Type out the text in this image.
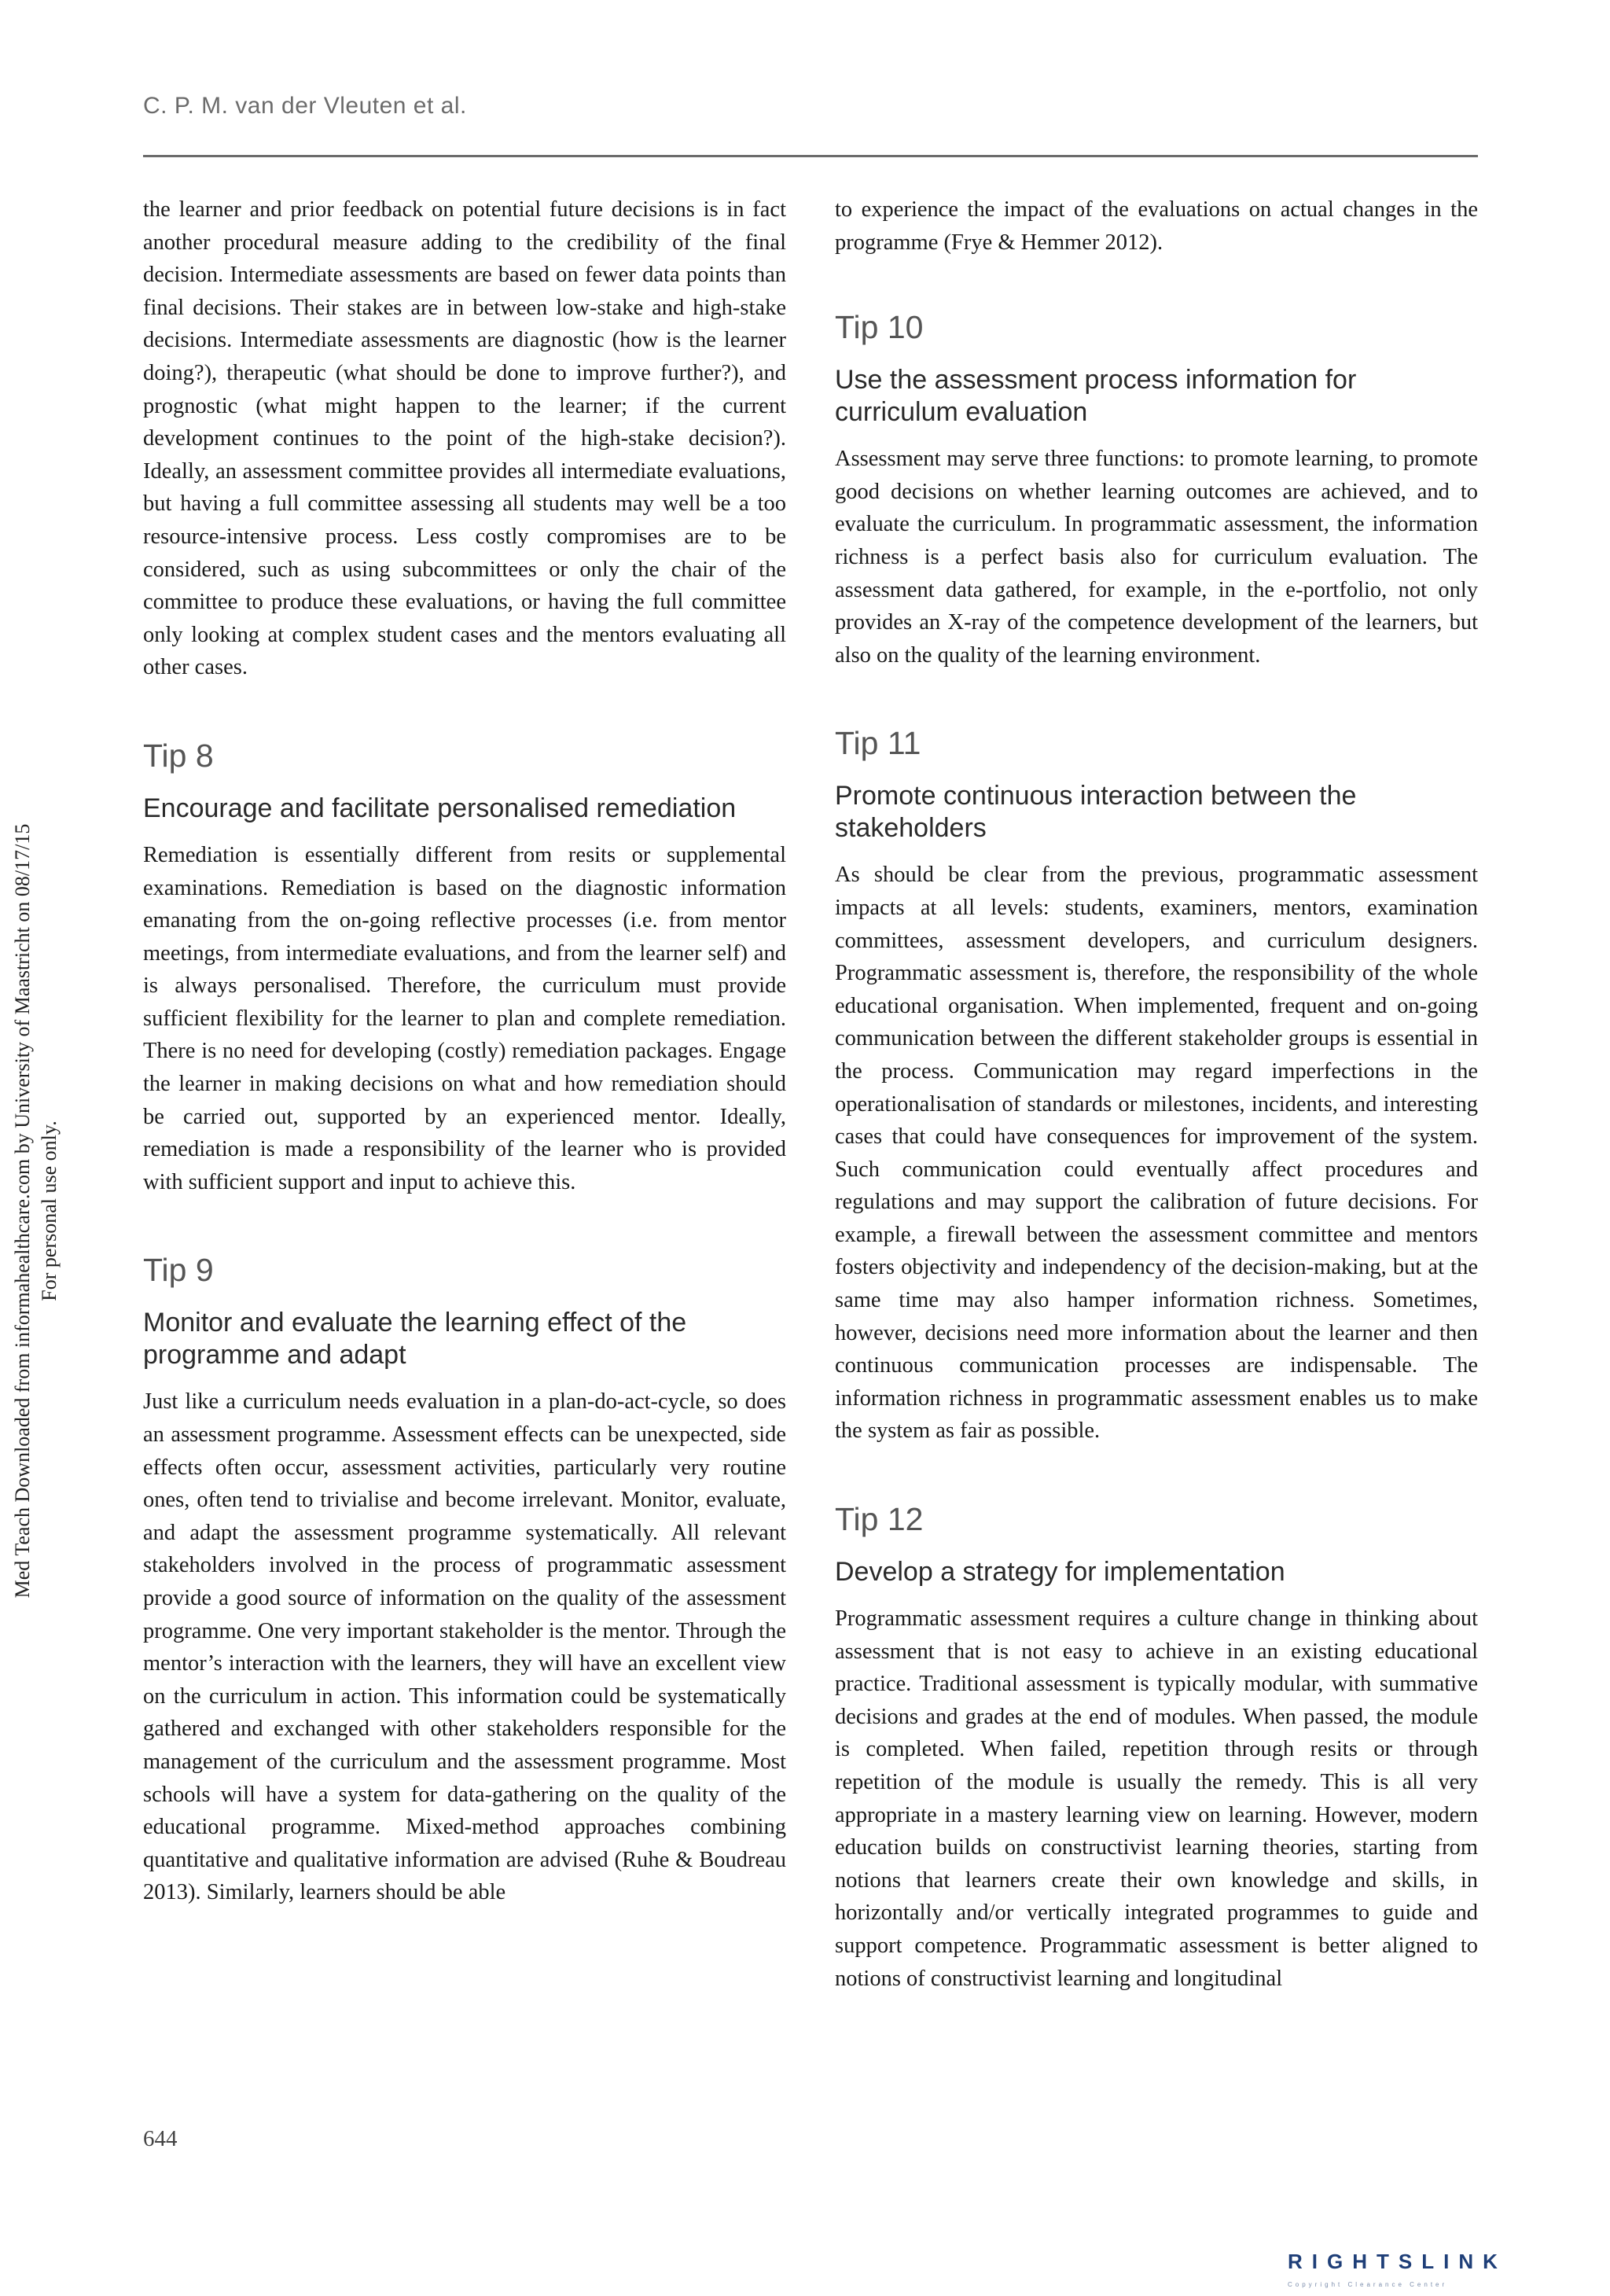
C. P. M. van der Vleuten et al.
Med Teach Downloaded from informahealthcare.com by University of Maastricht on 08/17/15 For personal use only.

the learner and prior feedback on potential future decisions is in fact another procedural measure adding to the credibility of the final decision. Intermediate assessments are based on fewer data points than final decisions. Their stakes are in between low-stake and high-stake decisions. Intermediate assessments are diagnostic (how is the learner doing?), therapeutic (what should be done to improve further?), and prognostic (what might happen to the learner; if the current development continues to the point of the high-stake decision?). Ideally, an assessment committee provides all intermediate evaluations, but having a full committee assessing all students may well be a too resource-intensive process. Less costly compromises are to be considered, such as using subcommittees or only the chair of the committee to produce these evaluations, or having the full committee only looking at complex student cases and the mentors evaluating all other cases.

Tip 8
Encourage and facilitate personalised remediation

Remediation is essentially different from resits or supplemental examinations. Remediation is based on the diagnostic information emanating from the on-going reflective processes (i.e. from mentor meetings, from intermediate evaluations, and from the learner self) and is always personalised. Therefore, the curriculum must provide sufficient flexibility for the learner to plan and complete remediation. There is no need for developing (costly) remediation packages. Engage the learner in making decisions on what and how remediation should be carried out, supported by an experienced mentor. Ideally, remediation is made a responsibility of the learner who is provided with sufficient support and input to achieve this.

Tip 9
Monitor and evaluate the learning effect of the programme and adapt

Just like a curriculum needs evaluation in a plan-do-act-cycle, so does an assessment programme. Assessment effects can be unexpected, side effects often occur, assessment activities, particularly very routine ones, often tend to trivialise and become irrelevant. Monitor, evaluate, and adapt the assessment programme systematically. All relevant stakeholders involved in the process of programmatic assessment provide a good source of information on the quality of the assessment programme. One very important stakeholder is the mentor. Through the mentor’s interaction with the learners, they will have an excellent view on the curriculum in action. This information could be systematically gathered and exchanged with other stakeholders responsible for the management of the curriculum and the assessment programme. Most schools will have a system for data-gathering on the quality of the educational programme. Mixed-method approaches combining quantitative and qualitative information are advised (Ruhe & Boudreau 2013). Similarly, learners should be able

to experience the impact of the evaluations on actual changes in the programme (Frye & Hemmer 2012).

Tip 10
Use the assessment process information for curriculum evaluation

Assessment may serve three functions: to promote learning, to promote good decisions on whether learning outcomes are achieved, and to evaluate the curriculum. In programmatic assessment, the information richness is a perfect basis also for curriculum evaluation. The assessment data gathered, for example, in the e-portfolio, not only provides an X-ray of the competence development of the learners, but also on the quality of the learning environment.

Tip 11
Promote continuous interaction between the stakeholders

As should be clear from the previous, programmatic assessment impacts at all levels: students, examiners, mentors, examination committees, assessment developers, and curriculum designers. Programmatic assessment is, therefore, the responsibility of the whole educational organisation. When implemented, frequent and on-going communication between the different stakeholder groups is essential in the process. Communication may regard imperfections in the operationalisation of standards or milestones, incidents, and interesting cases that could have consequences for improvement of the system. Such communication could eventually affect procedures and regulations and may support the calibration of future decisions. For example, a firewall between the assessment committee and mentors fosters objectivity and independency of the decision-making, but at the same time may also hamper information richness. Sometimes, however, decisions need more information about the learner and then continuous communication processes are indispensable. The information richness in programmatic assessment enables us to make the system as fair as possible.

Tip 12
Develop a strategy for implementation

Programmatic assessment requires a culture change in thinking about assessment that is not easy to achieve in an existing educational practice. Traditional assessment is typically modular, with summative decisions and grades at the end of modules. When passed, the module is completed. When failed, repetition through resits or through repetition of the module is usually the remedy. This is all very appropriate in a mastery learning view on learning. However, modern education builds on constructivist learning theories, starting from notions that learners create their own knowledge and skills, in horizontally and/or vertically integrated programmes to guide and support competence. Programmatic assessment is better aligned to notions of constructivist learning and longitudinal

644
RIGHTSLINK
Copyright Clearance Center
